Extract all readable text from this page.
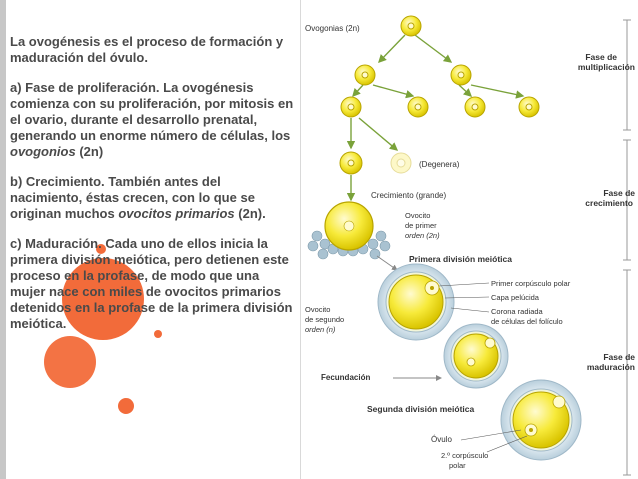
La ovogénesis es el proceso de formación y maduración del óvulo.

a) Fase de proliferación. La ovogénesis comienza con su proliferación, por mitosis en el ovario, durante el desarrollo prenatal, generando un enorme número de células, los ovogonios (2n)

b) Crecimiento. También antes del nacimiento, éstas crecen, con lo que se originan muchos ovocitos primarios (2n).

c) Maduración. Cada uno de ellos inicia la primera división meiótica, pero detienen este proceso en la profase, de modo que una mujer nace con miles de ovocitos primarios detenidos en la profase de la primera división meiótica.

Ovogonias (2n)
Fase de
multiplicación
(Degenera)
Crecimiento (grande)	Fase de
crecimiento
Ovocito
de primer
orden (2n)
Primera división meiótica
Primer corpúsculo polar
Capa pelúcida
Corona radiada
de células del folículo
Ovocito
de segundo
orden (n)
Fase de
maduración
Fecundación
Segunda división meiótica
Óvulo
2.º corpúsculo
polar
